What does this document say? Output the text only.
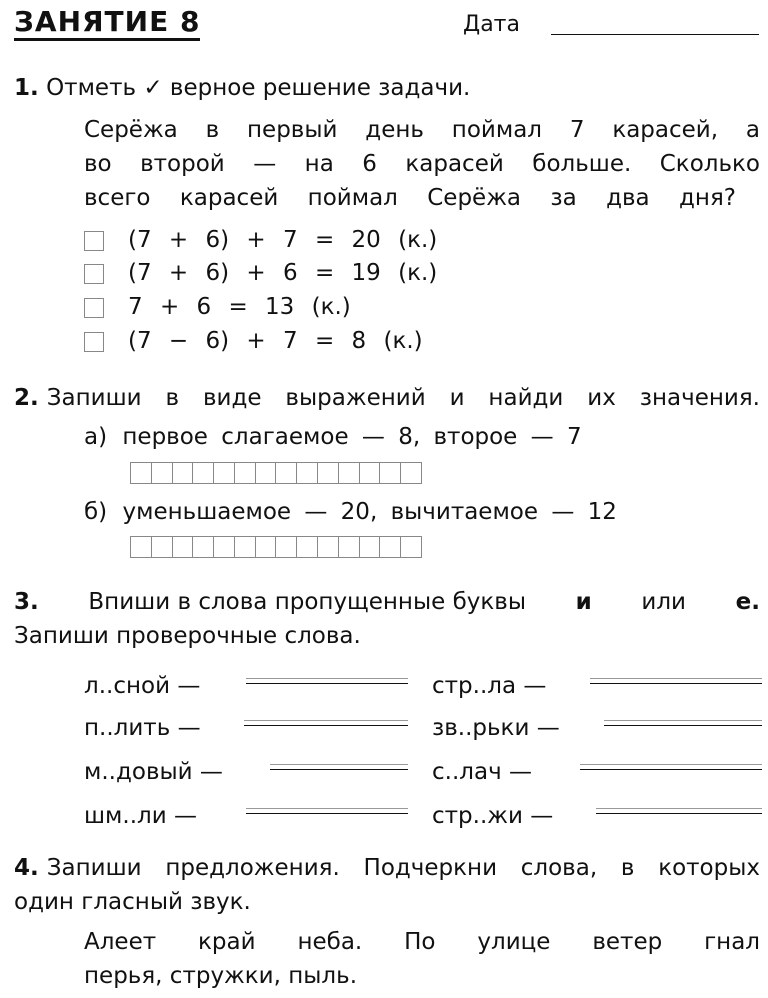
ЗАНЯТИЕ 8	Дата
1. Отметь ✓ верное решение задачи.
Серёжа в первый день поймал 7 карасей, а
во второй — на 6 карасей больше. Сколько
всего карасей поймал Серёжа за два дня?
(7 + 6) + 7 = 20 (к.)
(7 + 6) + 6 = 19 (к.)
7 + 6 = 13 (к.)
(7 − 6) + 7 = 8 (к.)
2. Запиши в виде выражений и найди их значения.
а) первое слагаемое — 8, второе — 7
б) уменьшаемое — 20, вычитаемое — 12
3. Впиши в слова пропущенные буквы и или е.
Запиши проверочные слова.
л..сной —
п..лить —
м..довый —
шм..ли —
стр..ла —
зв..рьки —
с..лач —
стр..жи —
4. Запиши предложения. Подчеркни слова, в которых
один гласный звук.
Алеет край неба. По улице ветер гнал
перья, стружки, пыль.
